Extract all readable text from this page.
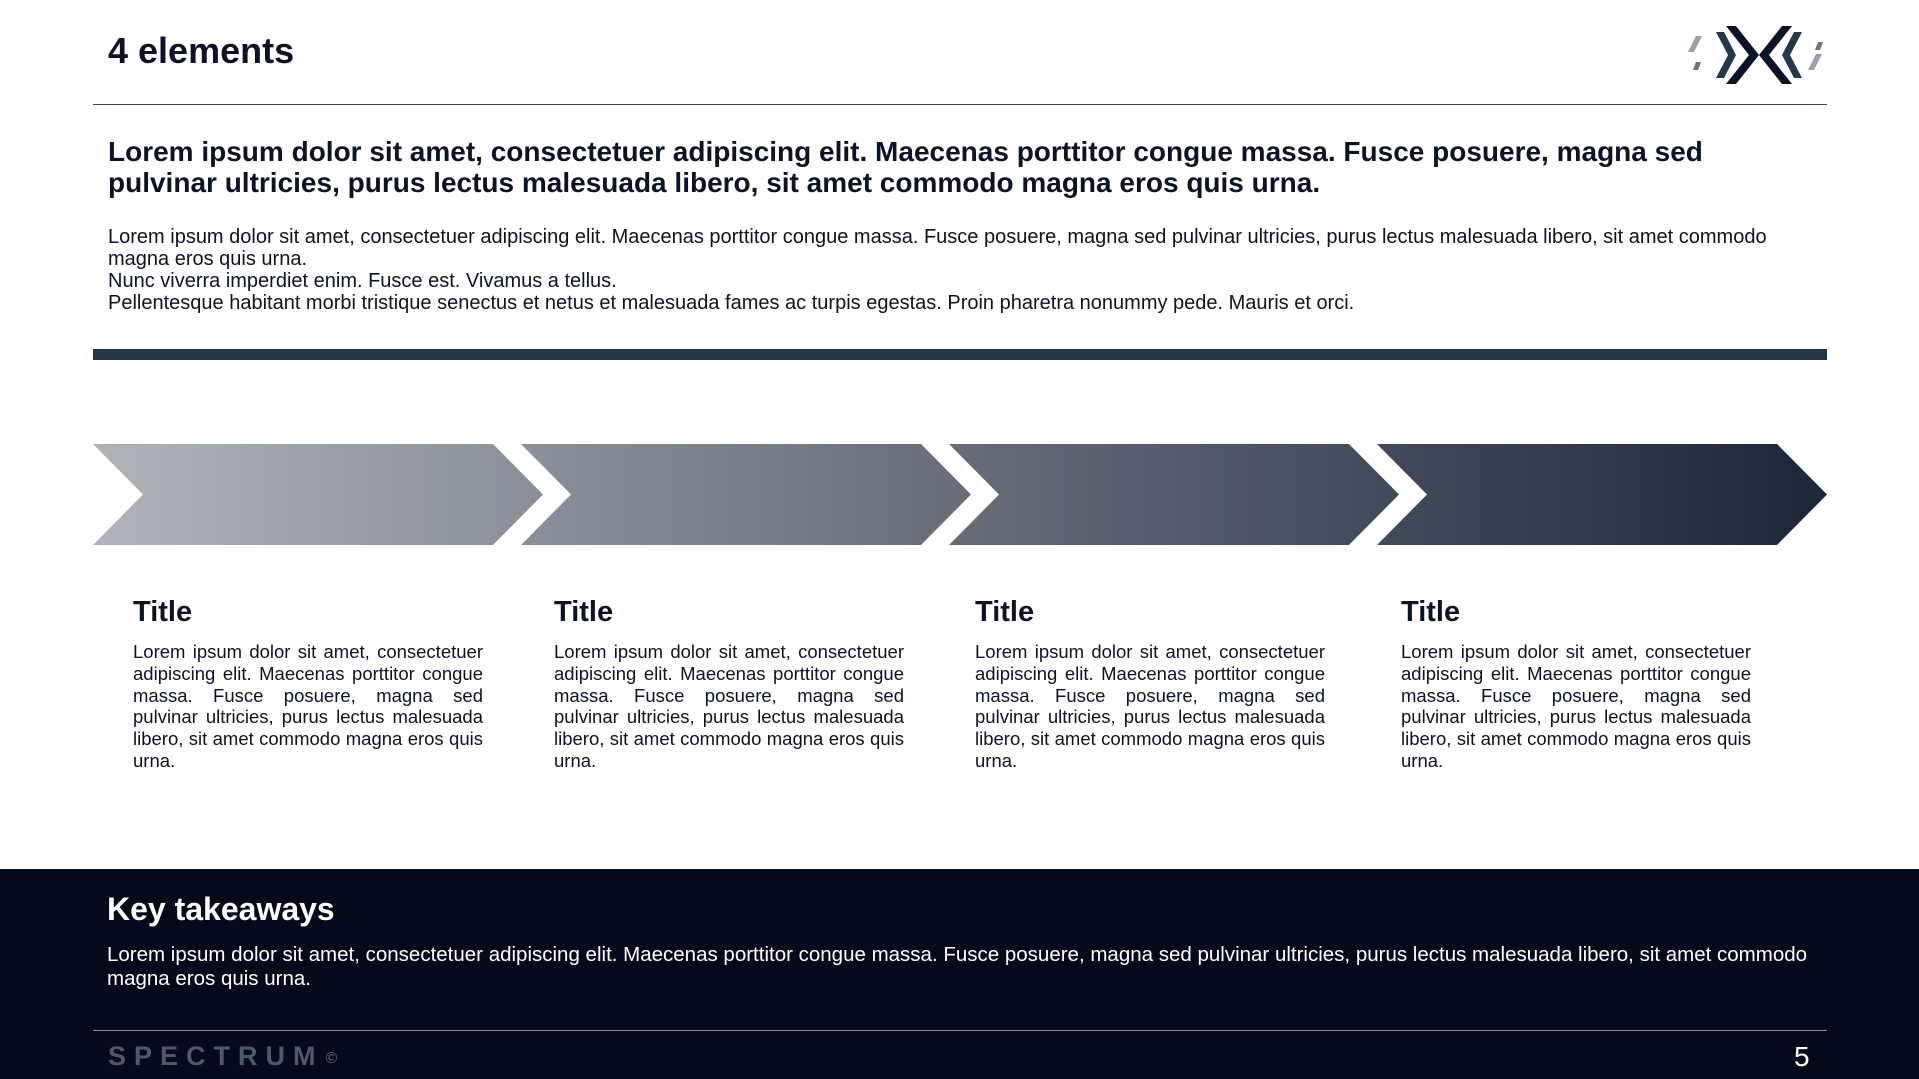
4 elements
Lorem ipsum dolor sit amet, consectetuer adipiscing elit. Maecenas porttitor congue massa. Fusce posuere, magna sed pulvinar ultricies, purus lectus malesuada libero, sit amet commodo magna eros quis urna.

Lorem ipsum dolor sit amet, consectetuer adipiscing elit. Maecenas porttitor congue massa. Fusce posuere, magna sed pulvinar ultricies, purus lectus malesuada libero, sit amet commodo magna eros quis urna.

Nunc viverra imperdiet enim. Fusce est. Vivamus a tellus.

Pellentesque habitant morbi tristique senectus et netus et malesuada fames ac turpis egestas. Proin pharetra nonummy pede. Mauris et orci.

Title
Lorem ipsum dolor sit amet, consectetuer adipiscing elit. Maecenas porttitor congue massa. Fusce posuere, magna sed pulvinar ultricies, purus lectus malesuada libero, sit amet commodo magna eros quis urna.
Title
Lorem ipsum dolor sit amet, consectetuer adipiscing elit. Maecenas porttitor congue massa. Fusce posuere, magna sed pulvinar ultricies, purus lectus malesuada libero, sit amet commodo magna eros quis urna.
Title
Lorem ipsum dolor sit amet, consectetuer adipiscing elit. Maecenas porttitor congue massa. Fusce posuere, magna sed pulvinar ultricies, purus lectus malesuada libero, sit amet commodo magna eros quis urna.
Title
Lorem ipsum dolor sit amet, consectetuer adipiscing elit. Maecenas porttitor congue massa. Fusce posuere, magna sed pulvinar ultricies, purus lectus malesuada libero, sit amet commodo magna eros quis urna.
Key takeaways
Lorem ipsum dolor sit amet, consectetuer adipiscing elit. Maecenas porttitor congue massa. Fusce posuere, magna sed pulvinar ultricies, purus lectus malesuada libero, sit amet commodo magna eros quis urna.
SPECTRUM ©	5
